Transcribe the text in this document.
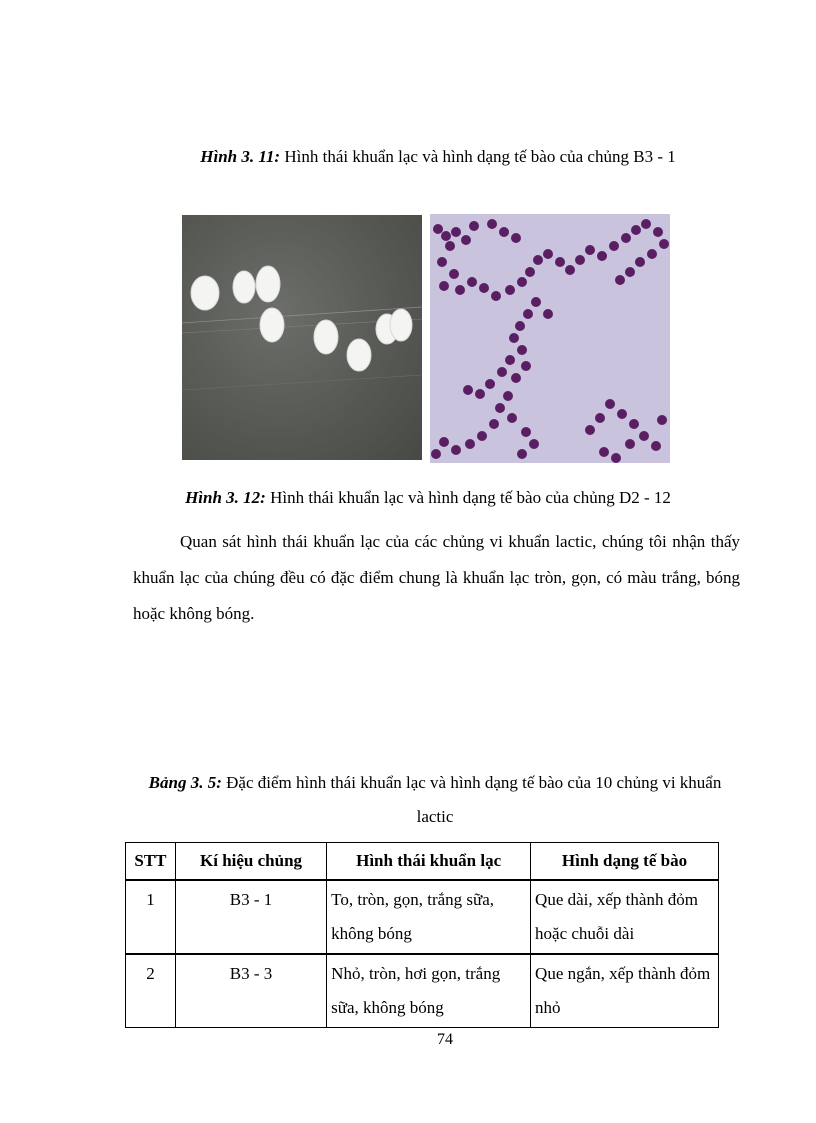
Hình 3. 11: Hình thái khuẩn lạc và hình dạng tế bào của chủng B3 - 1
Hình 3. 12: Hình thái khuẩn lạc và hình dạng tế bào của chủng D2 - 12
Quan sát hình thái khuẩn lạc của các chủng vi khuẩn lactic, chúng tôi nhận thấy khuẩn lạc của chúng đều có đặc điểm chung là khuẩn lạc tròn, gọn, có màu trắng, bóng hoặc không bóng.
Bảng 3. 5: Đặc điểm hình thái khuẩn lạc và hình dạng tế bào của 10 chủng vi khuẩn lactic
STT	Kí hiệu chủng	Hình thái khuẩn lạc	Hình dạng tế bào
1	B3 - 1	To, tròn, gọn, trắng sữa, không bóng	Que dài, xếp thành đỏm hoặc chuỗi dài
2	B3 - 3	Nhỏ, tròn, hơi gọn, trắng sữa, không bóng	Que ngắn, xếp thành đỏm nhỏ
74
